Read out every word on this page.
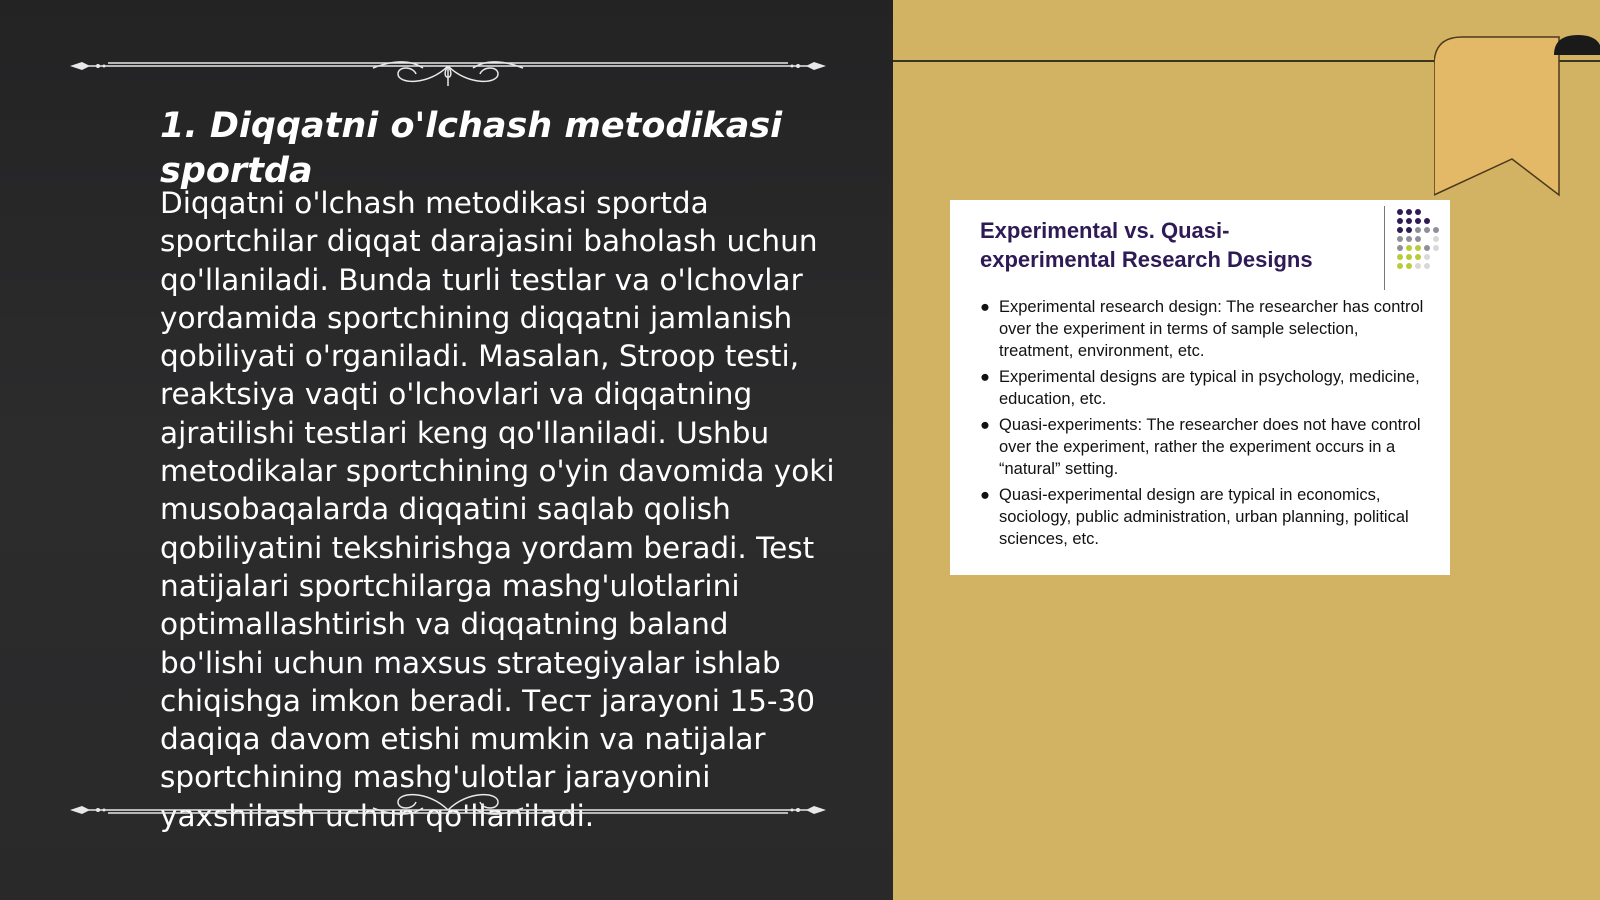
1. Diqqatni o'lchash metodikasi sportda

Diqqatni o'lchash metodikasi sportda sportchilar diqqat darajasini baholash uchun qo'llaniladi. Bunda turli testlar va o'lchovlar yordamida sportchining diqqatni jamlanish qobiliyati o'rganiladi. Masalan, Stroop testi, reaktsiya vaqti o'lchovlari va diqqatning ajratilishi testlari keng qo'llaniladi. Ushbu metodikalar sportchining o'yin davomida yoki musobaqalarda diqqatini saqlab qolish qobiliyatini tekshirishga yordam beradi. Test natijalari sportchilarga mashg'ulotlarini optimallashtirish va diqqatning baland bo'lishi uchun maxsus strategiyalar ishlab chiqishga imkon beradi. Тест jarayoni 15-30 daqiqa davom etishi mumkin va natijalar sportchining mashg'ulotlar jarayonini yaxshilash uchun qo'llaniladi.

Experimental vs. Quasi-experimental Research Designs
● Experimental research design: The researcher has control over the experiment in terms of sample selection, treatment, environment, etc.
● Experimental designs are typical in psychology, medicine, education, etc.
● Quasi-experiments: The researcher does not have control over the experiment, rather the experiment occurs in a “natural” setting.
● Quasi-experimental design are typical in economics, sociology, public administration, urban planning, political sciences, etc.
